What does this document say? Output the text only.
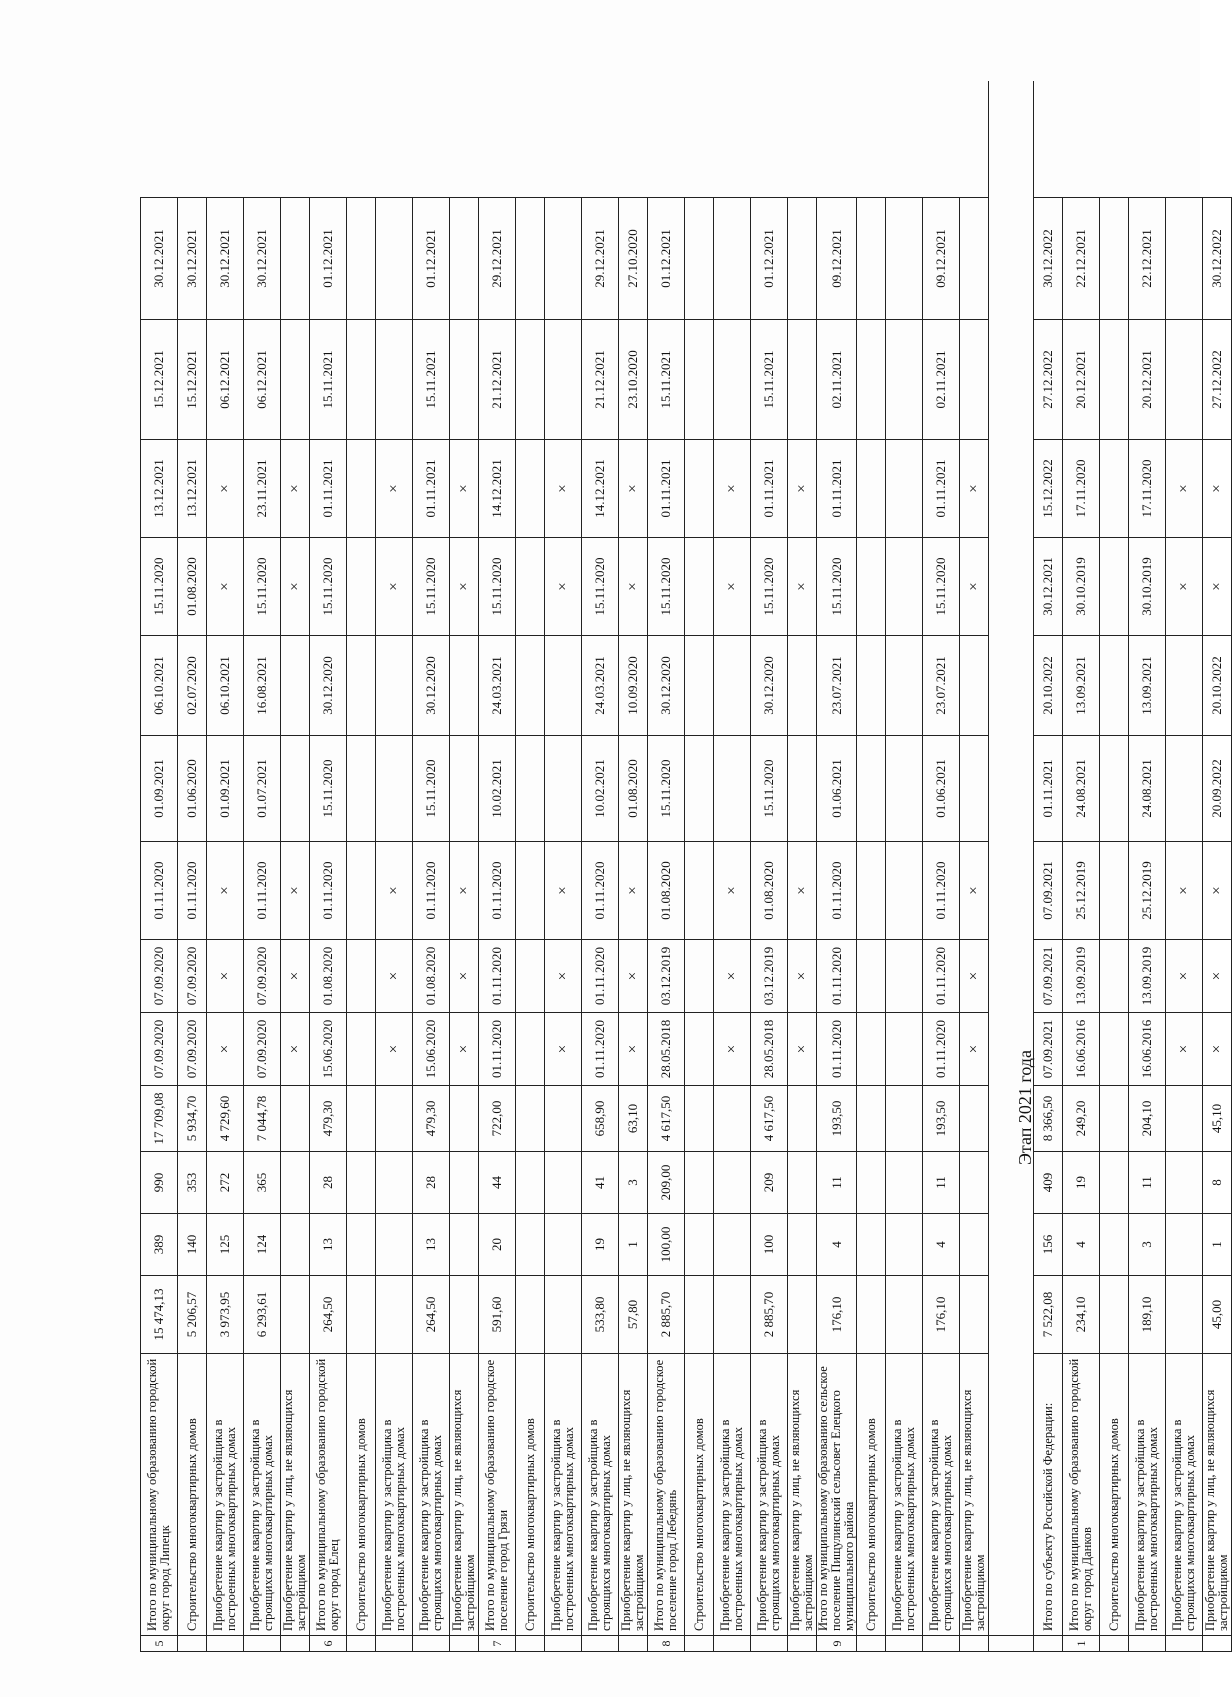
5	Итого по муниципальному образованию городской округ город Липецк	15 474,13	389	990	17 709,08	07.09.2020	07.09.2020	01.11.2020	01.09.2021	06.10.2021	15.11.2020	13.12.2021	15.12.2021	30.12.2021
	Строительство многоквартирных домов	5 206,57	140	353	5 934,70	07.09.2020	07.09.2020	01.11.2020	01.06.2020	02.07.2020	01.08.2020	13.12.2021	15.12.2021	30.12.2021
	Приобретение квартир у застройщика в построенных многоквартирных домах	3 973,95	125	272	4 729,60	×	×	×	01.09.2021	06.10.2021	×	×	06.12.2021	30.12.2021
	Приобретение квартир у застройщика в строящихся многоквартирных домах	6 293,61	124	365	7 044,78	07.09.2020	07.09.2020	01.11.2020	01.07.2021	16.08.2021	15.11.2020	23.11.2021	06.12.2021	30.12.2021
	Приобретение квартир у лиц, не являющихся застройщиком					×	×	×			×	×		
6	Итого по муниципальному образованию городской округ город Елец	264,50	13	28	479,30	15.06.2020	01.08.2020	01.11.2020	15.11.2020	30.12.2020	15.11.2020	01.11.2021	15.11.2021	01.12.2021
	Строительство многоквартирных домов													
	Приобретение квартир у застройщика в построенных многоквартирных домах					×	×	×			×	×		
	Приобретение квартир у застройщика в строящихся многоквартирных домах	264,50	13	28	479,30	15.06.2020	01.08.2020	01.11.2020	15.11.2020	30.12.2020	15.11.2020	01.11.2021	15.11.2021	01.12.2021
	Приобретение квартир у лиц, не являющихся застройщиком					×	×	×			×	×		
7	Итого по муниципальному образованию городское поселение город Грязи	591,60	20	44	722,00	01.11.2020	01.11.2020	01.11.2020	10.02.2021	24.03.2021	15.11.2020	14.12.2021	21.12.2021	29.12.2021
	Строительство многоквартирных домов													
	Приобретение квартир у застройщика в построенных многоквартирных домах					×	×	×			×	×		
	Приобретение квартир у застройщика в строящихся многоквартирных домах	533,80	19	41	658,90	01.11.2020	01.11.2020	01.11.2020	10.02.2021	24.03.2021	15.11.2020	14.12.2021	21.12.2021	29.12.2021
	Приобретение квартир у лиц, не являющихся застройщиком	57,80	1	3	63,10	×	×	×	01.08.2020	10.09.2020	×	×	23.10.2020	27.10.2020
8	Итого по муниципальному образованию городское поселение город Лебедянь	2 885,70	100,00	209,00	4 617,50	28.05.2018	03.12.2019	01.08.2020	15.11.2020	30.12.2020	15.11.2020	01.11.2021	15.11.2021	01.12.2021
	Строительство многоквартирных домов													
	Приобретение квартир у застройщика в построенных многоквартирных домах					×	×	×			×	×		
	Приобретение квартир у застройщика в строящихся многоквартирных домах	2 885,70	100	209	4 617,50	28.05.2018	03.12.2019	01.08.2020	15.11.2020	30.12.2020	15.11.2020	01.11.2021	15.11.2021	01.12.2021
	Приобретение квартир у лиц, не являющихся застройщиком					×	×	×			×	×		
9	Итого по муниципальному образованию сельское поселение Пищулинский сельсовет Елецкого муниципального района	176,10	4	11	193,50	01.11.2020	01.11.2020	01.11.2020	01.06.2021	23.07.2021	15.11.2020	01.11.2021	02.11.2021	09.12.2021
	Строительство многоквартирных домов													
	Приобретение квартир у застройщика в построенных многоквартирных домах													
	Приобретение квартир у застройщика в строящихся многоквартирных домах	176,10	4	11	193,50	01.11.2020	01.11.2020	01.11.2020	01.06.2021	23.07.2021	15.11.2020	01.11.2021	02.11.2021	09.12.2021
	Приобретение квартир у лиц, не являющихся застройщиком					×	×	×			×	×		
			Этап 2021 года											
	Итого по субъекту Российской Федерации:	7 522,08	156	409	8 366,50	07.09.2021	07.09.2021	07.09.2021	01.11.2021	20.10.2022	30.12.2021	15.12.2022	27.12.2022	30.12.2022
1	Итого по муниципальному образованию городской округ город Данков	234,10	4	19	249,20	16.06.2016	13.09.2019	25.12.2019	24.08.2021	13.09.2021	30.10.2019	17.11.2020	20.12.2021	22.12.2021
	Строительство многоквартирных домов													
	Приобретение квартир у застройщика в построенных многоквартирных домах	189,10	3	11	204,10	16.06.2016	13.09.2019	25.12.2019	24.08.2021	13.09.2021	30.10.2019	17.11.2020	20.12.2021	22.12.2021
	Приобретение квартир у застройщика в строящихся многоквартирных домах					×	×	×			×	×		
	Приобретение квартир у лиц, не являющихся застройщиком	45,00	1	8	45,10	×	×	×	20.09.2022	20.10.2022	×	×	27.12.2022	30.12.2022
